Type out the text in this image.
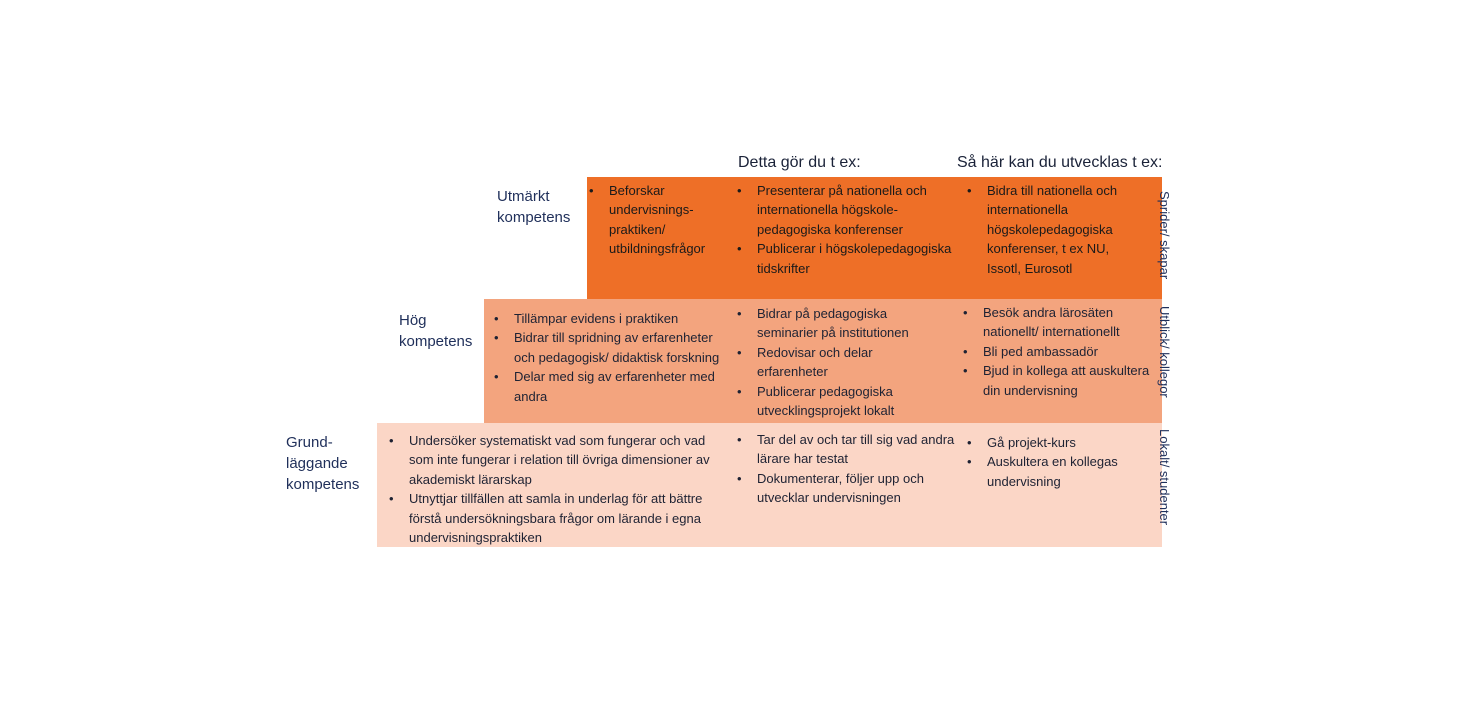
Detta gör du t ex:	Så här kan du utvecklas t ex:
Utmärkt
kompetens
Hög
kompetens
Grund-
läggande
kompetens
• Beforskar undervisnings-praktiken/ utbildningsfrågor
• Presenterar på nationella och internationella högskole-pedagogiska konferenser
• Publicerar i högskolepedagogiska tidskrifter
• Bidra till nationella och internationella högskolepedagogiska konferenser, t ex NU, Issotl, Eurosotl
• Tillämpar evidens i praktiken
• Bidrar till spridning av erfarenheter och pedagogisk/ didaktisk forskning
• Delar med sig av erfarenheter med andra
• Bidrar på pedagogiska seminarier på institutionen
• Redovisar och delar erfarenheter
• Publicerar pedagogiska utvecklingsprojekt lokalt
• Besök andra lärosäten nationellt/ internationellt
• Bli ped ambassadör
• Bjud in kollega att auskultera din undervisning
• Undersöker systematiskt vad som fungerar och vad som inte fungerar i relation till övriga dimensioner av akademiskt lärarskap
• Utnyttjar tillfällen att samla in underlag för att bättre förstå undersökningsbara frågor om lärande i egna undervisningspraktiken
• Tar del av och tar till sig vad andra lärare har testat
• Dokumenterar, följer upp och utvecklar undervisningen
• Gå projekt-kurs
• Auskultera en kollegas undervisning
Sprider/ skapar
Utblick/ kollegor
Lokalt/ studenter
